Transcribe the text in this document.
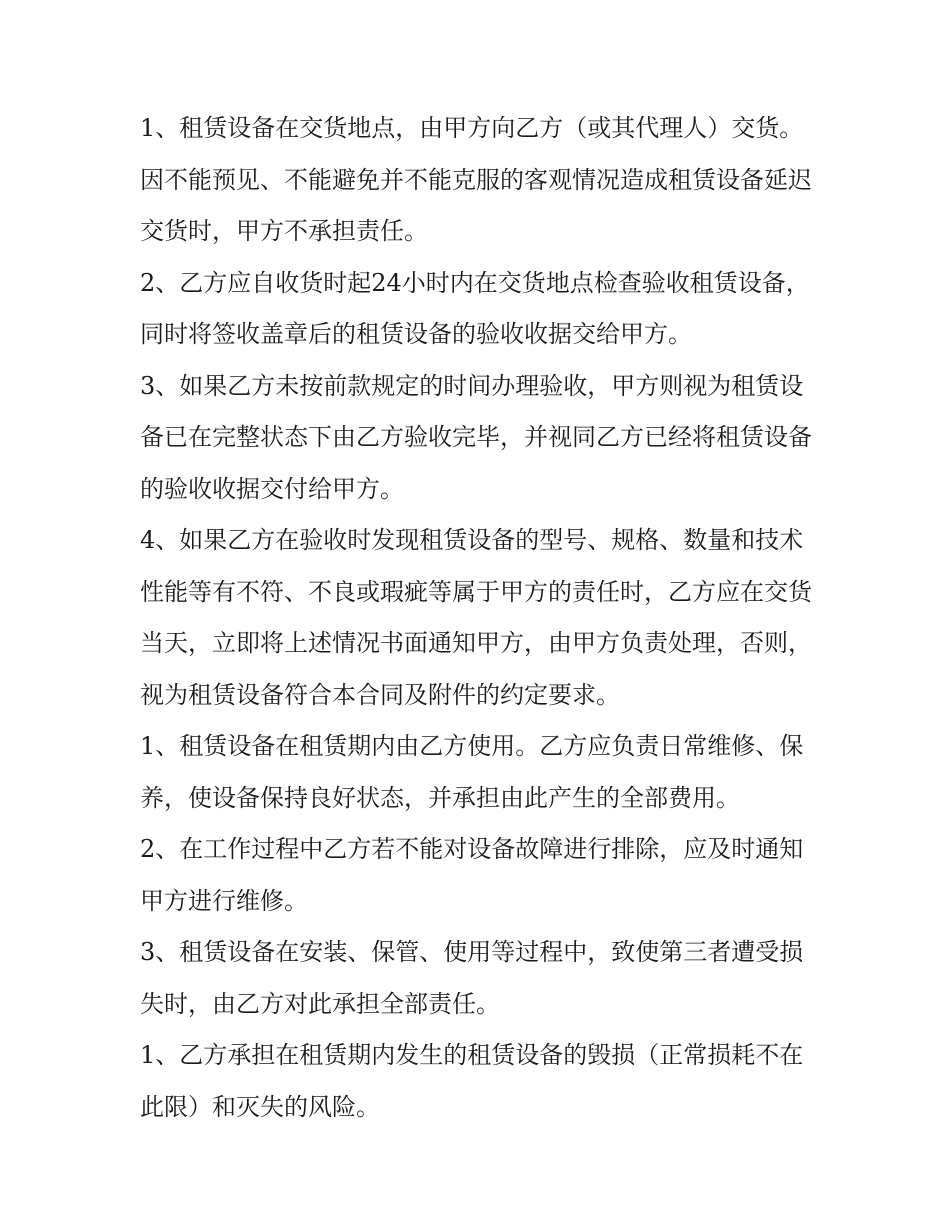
1、租赁设备在交货地点，由甲方向乙方（或其代理人）交货。因不能预见、不能避免并不能克服的客观情况造成租赁设备延迟交货时，甲方不承担责任。

2、乙方应自收货时起24小时内在交货地点检查验收租赁设备，同时将签收盖章后的租赁设备的验收收据交给甲方。

3、如果乙方未按前款规定的时间办理验收，甲方则视为租赁设备已在完整状态下由乙方验收完毕，并视同乙方已经将租赁设备的验收收据交付给甲方。

4、如果乙方在验收时发现租赁设备的型号、规格、数量和技术性能等有不符、不良或瑕疵等属于甲方的责任时，乙方应在交货当天，立即将上述情况书面通知甲方，由甲方负责处理，否则，视为租赁设备符合本合同及附件的约定要求。

1、租赁设备在租赁期内由乙方使用。乙方应负责日常维修、保养，使设备保持良好状态，并承担由此产生的全部费用。

2、在工作过程中乙方若不能对设备故障进行排除，应及时通知甲方进行维修。

3、租赁设备在安装、保管、使用等过程中，致使第三者遭受损失时，由乙方对此承担全部责任。

1、乙方承担在租赁期内发生的租赁设备的毁损（正常损耗不在此限）和灭失的风险。
